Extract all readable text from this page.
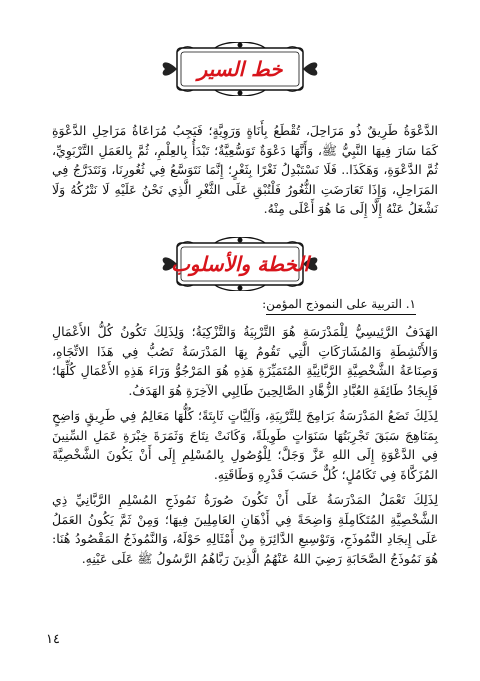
خط السير

الدَّعْوَةُ طَرِيقٌ ذُو مَرَاحِلَ، تُقْطَعُ بِأَنَاةٍ وَرَوِيَّةٍ؛ فَيَجِبُ مُرَاعَاةُ مَرَاحِلِ الدَّعْوَةِ كَمَا سَارَ فِيهَا النَّبِيُّ ﷺ، وَأَنَّهَا دَعْوَةٌ تَوَسُّعِيَّةٌ؛ تَبْدَأُ بِالعِلْمِ، ثُمَّ بِالعَمَلِ التَّرْبَوِيِّ، ثُمَّ الدَّعْوَةِ، وَهَكَذَا.. فَلَا نَسْتَبْدِلُ ثَغْرًا بِثَغْرٍ؛ إِنَّمَا نَتَوَسَّعُ فِي ثُغُورِنَا، وَنَتَدَرَّجُ فِي المَرَاحِلِ، وَإِذَا تَعَارَضَتِ الثُّغُورُ فَلْنُبْقِ عَلَى الثَّغْرِ الَّذِي نَحْنُ عَلَيْهِ لَا نَتْرُكُهُ وَلَا نَشْغَلُ عَنْهُ إِلَّا إِلَى مَا هُوَ أَعْلَى مِنْهُ.

الخطة والأسلوب
١. التربية على النموذج المؤمن:

الهَدَفُ الرَّئِيسِيُّ لِلْمَدْرَسَةِ هُوَ التَّرْبِيَةُ وَالتَّزْكِيَةُ؛ وَلِذَلِكَ تَكُونُ كُلُّ الأَعْمَالِ وَالأَنْشِطَةِ وَالمُشَارَكَاتِ الَّتِي تَقُومُ بِهَا المَدْرَسَةُ تَصُبُّ فِي هَذَا الاتِّجَاهِ، وَصِنَاعَةُ الشَّخْصِيَّةِ الرَّبَّانِيَّةِ المُتَمَيِّزَةِ هَذِهِ هُوَ المَرْجُوُّ وَرَاءَ هَذِهِ الأَعْمَالِ كُلِّهَا؛ فَإِيجَادُ طَائِفَةِ العُبَّادِ الزُّهَّادِ الصَّالِحِينَ طَالِبِي الآخِرَةِ هُوَ الهَدَفُ.

لِذَلِكَ تَضَعُ المَدْرَسَةُ بَرَامِجَ لِلتَّرْبِيَةِ، وَآلِيَّاتٍ ثَابِتَةً؛ كُلُّهَا مَعَالِمُ فِي طَرِيقٍ وَاضِحٍ بِمَنَاهِجَ سَبَقَ تَجْرِبَتُهَا سَنَوَاتٍ طَوِيلَةً، وَكَانَتْ نِتَاجَ وَثَمَرَةَ خِبْرَةِ عَمَلِ السِّنِينَ فِي الدَّعْوَةِ إِلَى اللهِ عَزَّ وَجَلَّ؛ لِلْوُصُولِ بِالمُسْلِمِ إِلَى أَنْ يَكُونَ الشَّخْصِيَّةَ المُزَكَّاةَ فِي تَكَامُلٍ؛ كُلٌّ حَسَبَ قَدْرِهِ وَطَاقَتِهِ.

لِذَلِكَ تَعْمَلُ المَدْرَسَةُ عَلَى أَنْ تَكُونَ صُورَةُ نَمُوذَجِ المُسْلِمِ الرَّبَّانِيِّ ذِي الشَّخْصِيَّةِ المُتَكَامِلَةِ وَاضِحَةً فِي أَذْهَانِ العَامِلِينَ فِيهَا؛ وَمِنْ ثَمَّ يَكُونُ العَمَلُ عَلَى إِيجَادِ النَّمُوذَجِ، وَتَوْسِيعِ الدَّائِرَةِ مِنْ أَمْثَالِهِ حَوْلَهُ، وَالنَّمُوذَجُ المَقْصُودُ هُنَا: هُوَ نَمُوذَجُ الصَّحَابَةِ رَضِيَ اللهُ عَنْهُمُ الَّذِينَ رَبَّاهُمُ الرَّسُولُ ﷺ عَلَى عَيْنِهِ.

١٤
